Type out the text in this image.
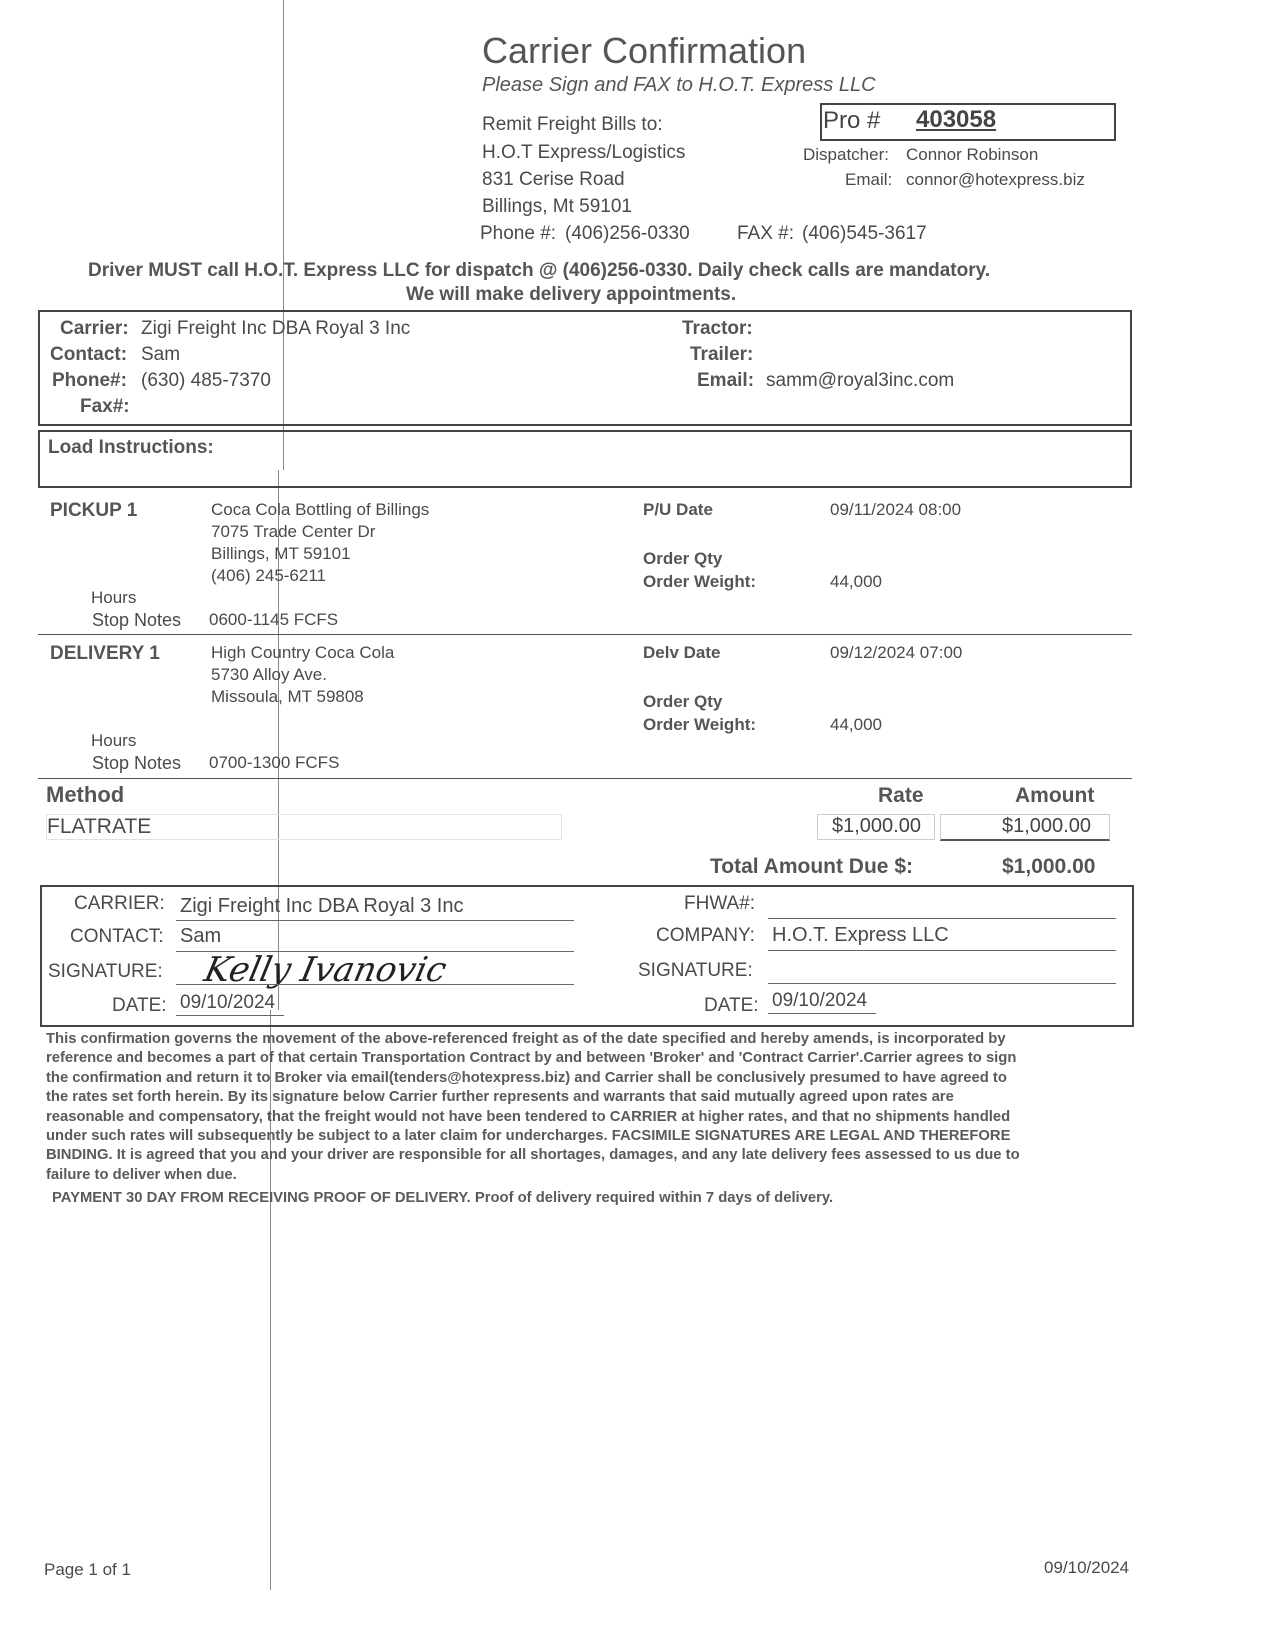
Carrier Confirmation
Please Sign and FAX to H.O.T. Express LLC
Remit Freight Bills to:
H.O.T Express/Logistics
831 Cerise Road
Billings, Mt 59101
Phone #: (406)256-0330 FAX #: (406)545-3617
Pro # 403058
Dispatcher: Connor Robinson
Email: connor@hotexpress.biz
Driver MUST call H.O.T. Express LLC for dispatch @ (406)256-0330. Daily check calls are mandatory.
We will make delivery appointments.
Carrier: Zigi Freight Inc DBA Royal 3 Inc
Contact: Sam
Phone#: (630) 485-7370
Fax#:
Tractor:
Trailer:
Email: samm@royal3inc.com
Load Instructions:
PICKUP 1	Coca Cola Bottling of Billings
7075 Trade Center Dr
Billings, MT 59101
(406) 245-6211
Hours
Stop Notes 0600-1145 FCFS
P/U Date	09/11/2024 08:00
Order Qty
Order Weight:	44,000
DELIVERY 1	High Country Coca Cola
5730 Alloy Ave.
Missoula, MT 59808
Hours
Stop Notes 0700-1300 FCFS
Delv Date	09/12/2024 07:00
Order Qty
Order Weight:	44,000
Method	Rate	Amount
FLATRATE	$1,000.00	$1,000.00
Total Amount Due $:	$1,000.00
CARRIER: Zigi Freight Inc DBA Royal 3 Inc
CONTACT: Sam
SIGNATURE: Kelly Ivanovic
DATE: 09/10/2024
FHWA#:
COMPANY: H.O.T. Express LLC
SIGNATURE:
DATE: 09/10/2024
This confirmation governs the movement of the above-referenced freight as of the date specified and hereby amends, is incorporated by
reference and becomes a part of that certain Transportation Contract by and between 'Broker' and 'Contract Carrier'.Carrier agrees to sign
the confirmation and return it to Broker via email(tenders@hotexpress.biz) and Carrier shall be conclusively presumed to have agreed to
the rates set forth herein. By its signature below Carrier further represents and warrants that said mutually agreed upon rates are
reasonable and compensatory, that the freight would not have been tendered to CARRIER at higher rates, and that no shipments handled
under such rates will subsequently be subject to a later claim for undercharges. FACSIMILE SIGNATURES ARE LEGAL AND THEREFORE
BINDING. It is agreed that you and your driver are responsible for all shortages, damages, and any late delivery fees assessed to us due to
failure to deliver when due.
PAYMENT 30 DAY FROM RECEIVING PROOF OF DELIVERY. Proof of delivery required within 7 days of delivery.
Page 1 of 1	09/10/2024
